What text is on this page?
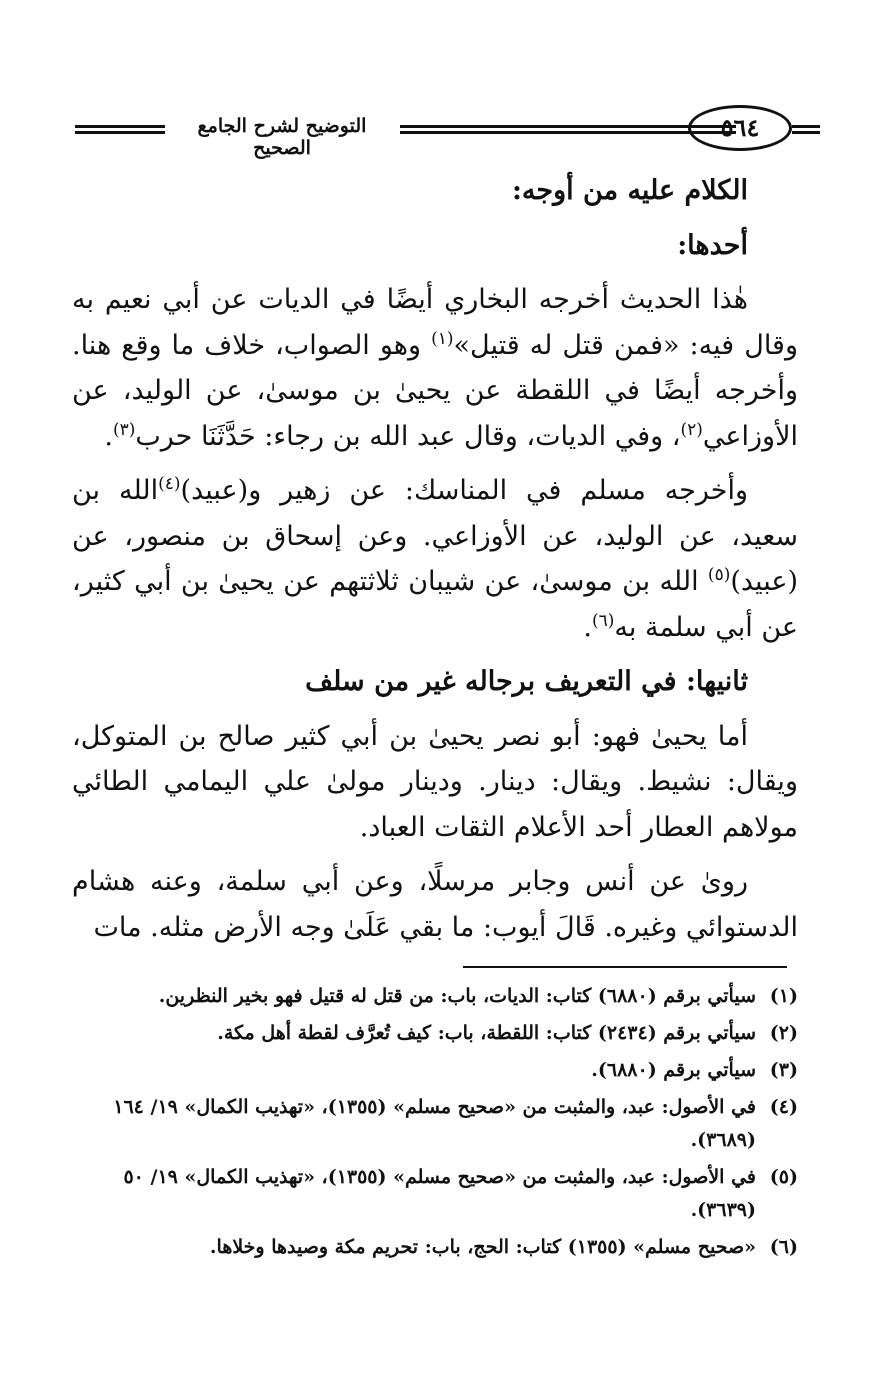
التوضيح لشرح الجامع الصحيح
٥٦٤

الكلام عليه من أوجه:

أحدها:

هٰذا الحديث أخرجه البخاري أيضًا في الديات عن أبي نعيم به وقال فيه: «فمن قتل له قتيل»$^{(١)}$ وهو الصواب، خلاف ما وقع هنا. وأخرجه أيضًا في اللقطة عن يحيىٰ بن موسىٰ، عن الوليد، عن الأوزاعي$^{(٢)}$، وفي الديات، وقال عبد الله بن رجاء: حَدَّثَنَا حرب$^{(٣)}$.

وأخرجه مسلم في المناسك: عن زهير و(عبيد)$^{(٤)}$الله بن سعيد، عن الوليد، عن الأوزاعي. وعن إسحاق بن منصور، عن (عبيد)$^{(٥)}$ الله بن موسىٰ، عن شيبان ثلاثتهم عن يحيىٰ بن أبي كثير، عن أبي سلمة به$^{(٦)}$.

ثانيها: في التعريف برجاله غير من سلف

أما يحيىٰ فهو: أبو نصر يحيىٰ بن أبي كثير صالح بن المتوكل، ويقال: نشيط. ويقال: دينار. ودينار مولىٰ علي اليمامي الطائي مولاهم العطار أحد الأعلام الثقات العباد.

روىٰ عن أنس وجابر مرسلًا، وعن أبي سلمة، وعنه هشام الدستوائي وغيره. قَالَ أيوب: ما بقي عَلَىٰ وجه الأرض مثله. مات

(١)
سيأتي برقم (٦٨٨٠) كتاب: الديات، باب: من قتل له قتيل فهو بخير النظرين.
(٢)
سيأتي برقم (٢٤٣٤) كتاب: اللقطة، باب: كيف تُعرَّف لقطة أهل مكة.
(٣)
سيأتي برقم (٦٨٨٠).
(٤)
في الأصول: عبد، والمثبت من «صحيح مسلم» (١٣٥٥)، «تهذيب الكمال» ١٩/ ١٦٤ (٣٦٨٩).
(٥)
في الأصول: عبد، والمثبت من «صحيح مسلم» (١٣٥٥)، «تهذيب الكمال» ١٩/ ٥٠ (٣٦٣٩).
(٦)
«صحيح مسلم» (١٣٥٥) كتاب: الحج، باب: تحريم مكة وصيدها وخلاها.
